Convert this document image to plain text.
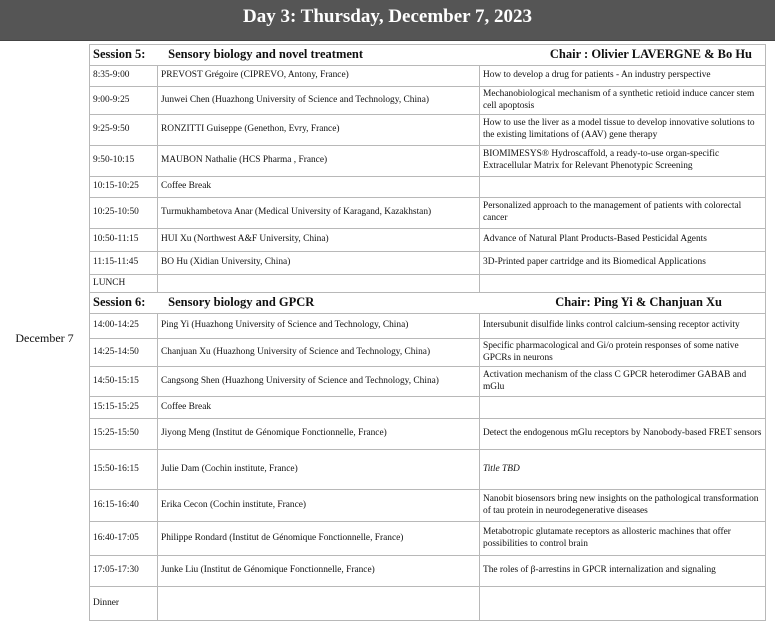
Day 3: Thursday, December 7, 2023
December 7
Session 5: Sensory biology and novel treatment Chair : Olivier LAVERGNE & Bo Hu		

8:35-9:00	PREVOST Grégoire (CIPREVO, Antony, France)	How to develop a drug for patients - An industry perspective
9:00-9:25	Junwei Chen (Huazhong University of Science and Technology, China)	Mechanobiological mechanism of a synthetic retioid induce cancer stem cell apoptosis
9:25-9:50	RONZITTI Guiseppe (Genethon, Evry, France)	How to use the liver as a model tissue to develop innovative solutions to the existing limitations of (AAV) gene therapy
9:50-10:15	MAUBON Nathalie (HCS Pharma , France)	BIOMIMESYS® Hydroscaffold, a ready-to-use organ-specific Extracellular Matrix for Relevant Phenotypic Screening
10:15-10:25	Coffee Break	
10:25-10:50	Turmukhambetova Anar (Medical University of Karagand, Kazakhstan)	Personalized approach to the management of patients with colorectal cancer
10:50-11:15	HUI Xu (Northwest A&F University, China)	Advance of Natural Plant Products-Based Pesticidal Agents
11:15-11:45	BO Hu (Xidian University, China)	3D-Printed paper cartridge and its Biomedical Applications
LUNCH		

Session 6: Sensory biology and GPCR Chair: Ping Yi & Chanjuan Xu		

14:00-14:25	Ping Yi (Huazhong University of Science and Technology, China)	Intersubunit disulfide links control calcium-sensing receptor activity
14:25-14:50	Chanjuan Xu (Huazhong University of Science and Technology, China)	Specific pharmacological and Gi/o protein responses of some native GPCRs in neurons
14:50-15:15	Cangsong Shen (Huazhong University of Science and Technology, China)	Activation mechanism of the class C GPCR heterodimer GABAB and mGlu
15:15-15:25	Coffee Break	
15:25-15:50	Jiyong Meng (Institut de Génomique Fonctionnelle, France)	Detect the endogenous mGlu receptors by Nanobody-based FRET sensors
15:50-16:15	Julie Dam (Cochin institute, France)	Title TBD
16:15-16:40	Erika Cecon (Cochin institute, France)	Nanobit biosensors bring new insights on the pathological transformation of tau protein in neurodegenerative diseases
16:40-17:05	Philippe Rondard (Institut de Génomique Fonctionnelle, France)	Metabotropic glutamate receptors as allosteric machines that offer possibilities to control brain
17:05-17:30	Junke Liu (Institut de Génomique Fonctionnelle, France)	The roles of β-arrestins in GPCR internalization and signaling
Dinner		
